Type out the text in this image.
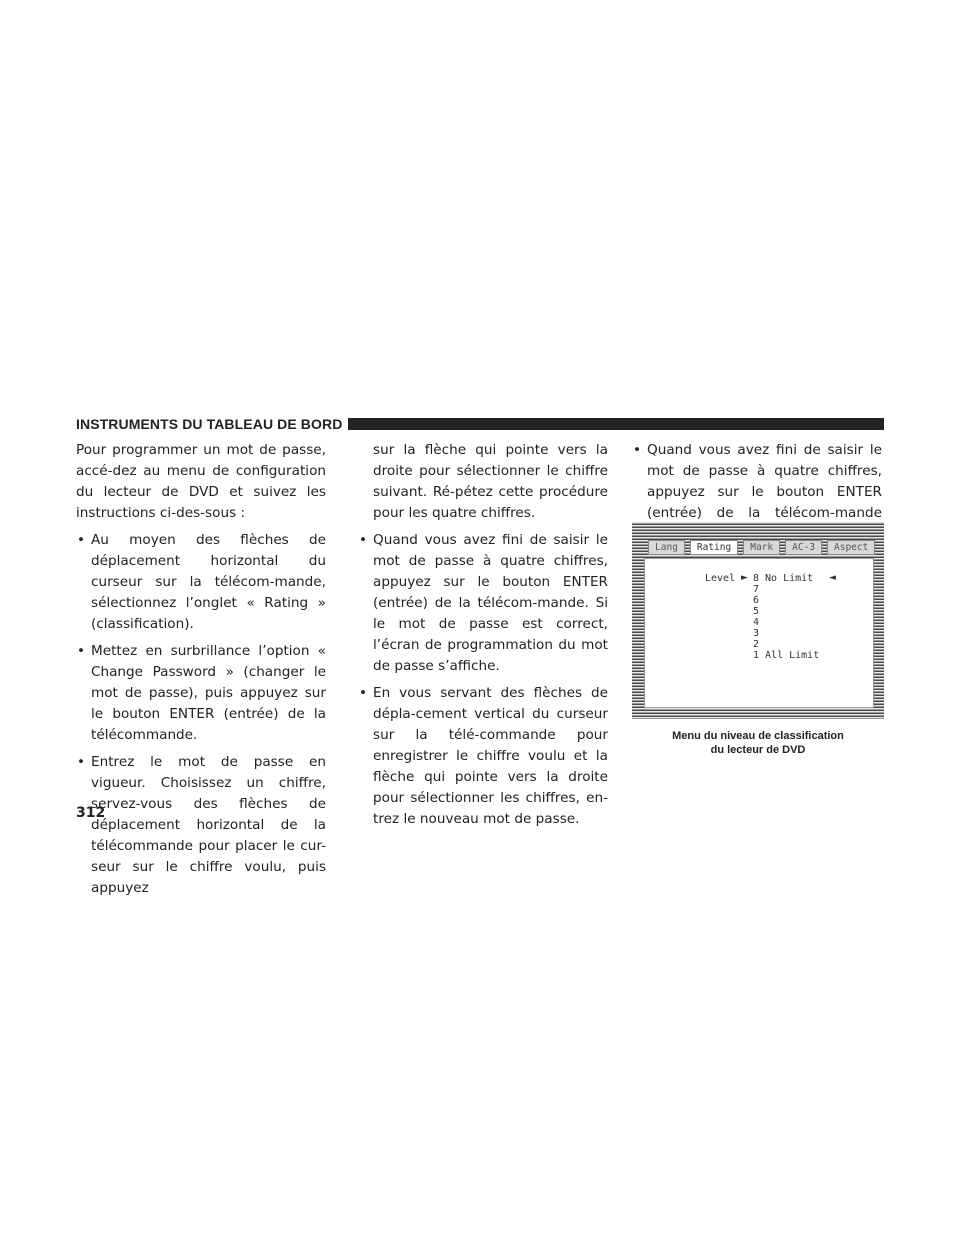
INSTRUMENTS DU TABLEAU DE BORD

Pour programmer un mot de passe, accé-dez au menu de configuration du lecteur de DVD et suivez les instructions ci-des-sous :

• Au moyen des flèches de déplacement horizontal du curseur sur la télécom-mande, sélectionnez l’onglet « Rating » (classification).
• Mettez en surbrillance l’option « Change Password » (changer le mot de passe), puis appuyez sur le bouton ENTER (entrée) de la télécommande.
• Entrez le mot de passe en vigueur. Choisissez un chiffre, servez-vous des flèches de déplacement horizontal de la télécommande pour placer le cur-seur sur le chiffre voulu, puis appuyez

sur la flèche qui pointe vers la droite pour sélectionner le chiffre suivant. Ré-pétez cette procédure pour les quatre chiffres.

• Quand vous avez fini de saisir le mot de passe à quatre chiffres, appuyez sur le bouton ENTER (entrée) de la télécom-mande. Si le mot de passe est correct, l’écran de programmation du mot de passe s’affiche.
• En vous servant des flèches de dépla-cement vertical du curseur sur la télé-commande pour enregistrer le chiffre voulu et la flèche qui pointe vers la droite pour sélectionner les chiffres, en-trez le nouveau mot de passe.
• Quand vous avez fini de saisir le mot de passe à quatre chiffres, appuyez sur le bouton ENTER (entrée) de la télécom-mande
Lang	Rating	Mark	AC-3	Aspect
Level ► 8 No Limit
7
6
5
4
3
2
1 All Limit
◄
Menu du niveau de classification
du lecteur de DVD
312
